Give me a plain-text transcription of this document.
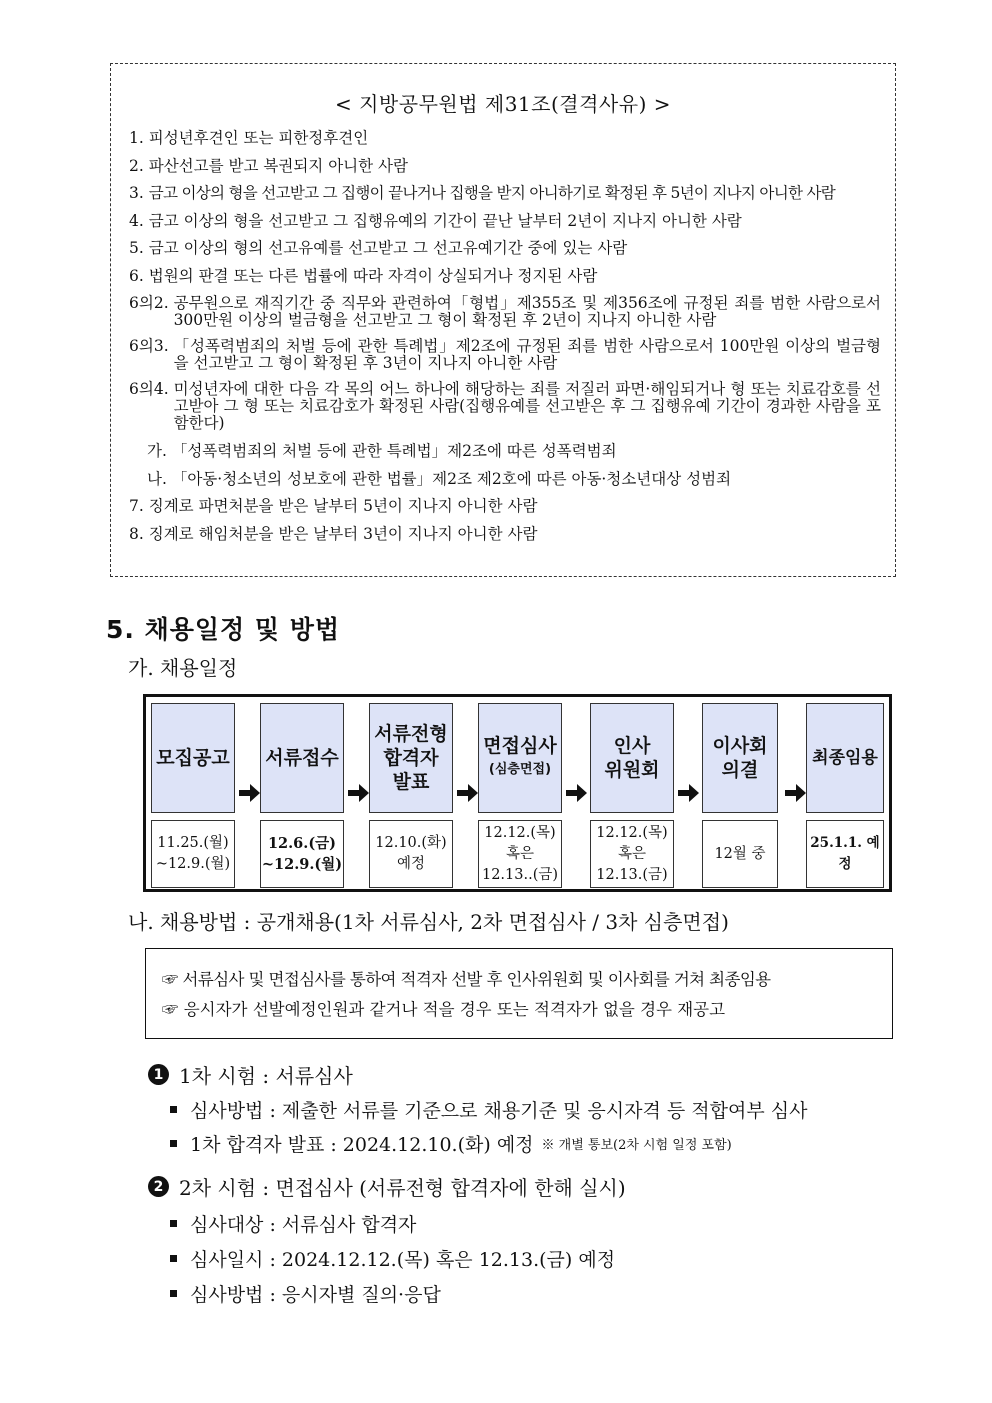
< 지방공무원법 제31조(결격사유) >
1. 피성년후견인 또는 피한정후견인
2. 파산선고를 받고 복권되지 아니한 사람
3. 금고 이상의 형을 선고받고 그 집행이 끝나거나 집행을 받지 아니하기로 확정된 후 5년이 지나지 아니한 사람
4. 금고 이상의 형을 선고받고 그 집행유예의 기간이 끝난 날부터 2년이 지나지 아니한 사람
5. 금고 이상의 형의 선고유예를 선고받고 그 선고유예기간 중에 있는 사람
6. 법원의 판결 또는 다른 법률에 따라 자격이 상실되거나 정지된 사람
6의2. 공무원으로 재직기간 중 직무와 관련하여「형법」제355조 및 제356조에 규정된 죄를 범한 사람으로서 300만원 이상의 벌금형을 선고받고 그 형이 확정된 후 2년이 지나지 아니한 사람
6의3. 「성폭력범죄의 처벌 등에 관한 특례법」제2조에 규정된 죄를 범한 사람으로서 100만원 이상의 벌금형을 선고받고 그 형이 확정된 후 3년이 지나지 아니한 사람
6의4. 미성년자에 대한 다음 각 목의 어느 하나에 해당하는 죄를 저질러 파면·해임되거나 형 또는 치료감호를 선고받아 그 형 또는 치료감호가 확정된 사람(집행유예를 선고받은 후 그 집행유예 기간이 경과한 사람을 포함한다)
가. 「성폭력범죄의 처벌 등에 관한 특례법」제2조에 따른 성폭력범죄
나. 「아동·청소년의 성보호에 관한 법률」제2조 제2호에 따른 아동·청소년대상 성범죄
7. 징계로 파면처분을 받은 날부터 5년이 지나지 아니한 사람
8. 징계로 해임처분을 받은 날부터 3년이 지나지 아니한 사람
5. 채용일정 및 방법
가. 채용일정
모집공고
11.25.(월)
~12.9.(월)
서류접수
12.6.(금)
~12.9.(월)
서류전형
합격자
발표
12.10.(화)
예정
면접심사
(심층면접)
12.12.(목)
혹은
12.13..(금)
인사
위원회
12.12.(목)
혹은
12.13.(금)
이사회
의결
12월 중
최종임용
25.1.1. 예정
나. 채용방법 : 공개채용(1차 서류심사, 2차 면접심사 / 3차 심층면접)
☞ 서류심사 및 면접심사를 통하여 적격자 선발 후 인사위원회 및 이사회를 거쳐 최종임용
☞ 응시자가 선발예정인원과 같거나 적을 경우 또는 적격자가 없을 경우 재공고
1 1차 시험 : 서류심사
심사방법 : 제출한 서류를 기준으로 채용기준 및 응시자격 등 적합여부 심사
1차 합격자 발표 : 2024.12.10.(화) 예정 ※ 개별 통보(2차 시험 일정 포함)
2 2차 시험 : 면접심사 (서류전형 합격자에 한해 실시)
심사대상 : 서류심사 합격자
심사일시 : 2024.12.12.(목) 혹은 12.13.(금) 예정
심사방법 : 응시자별 질의·응답
